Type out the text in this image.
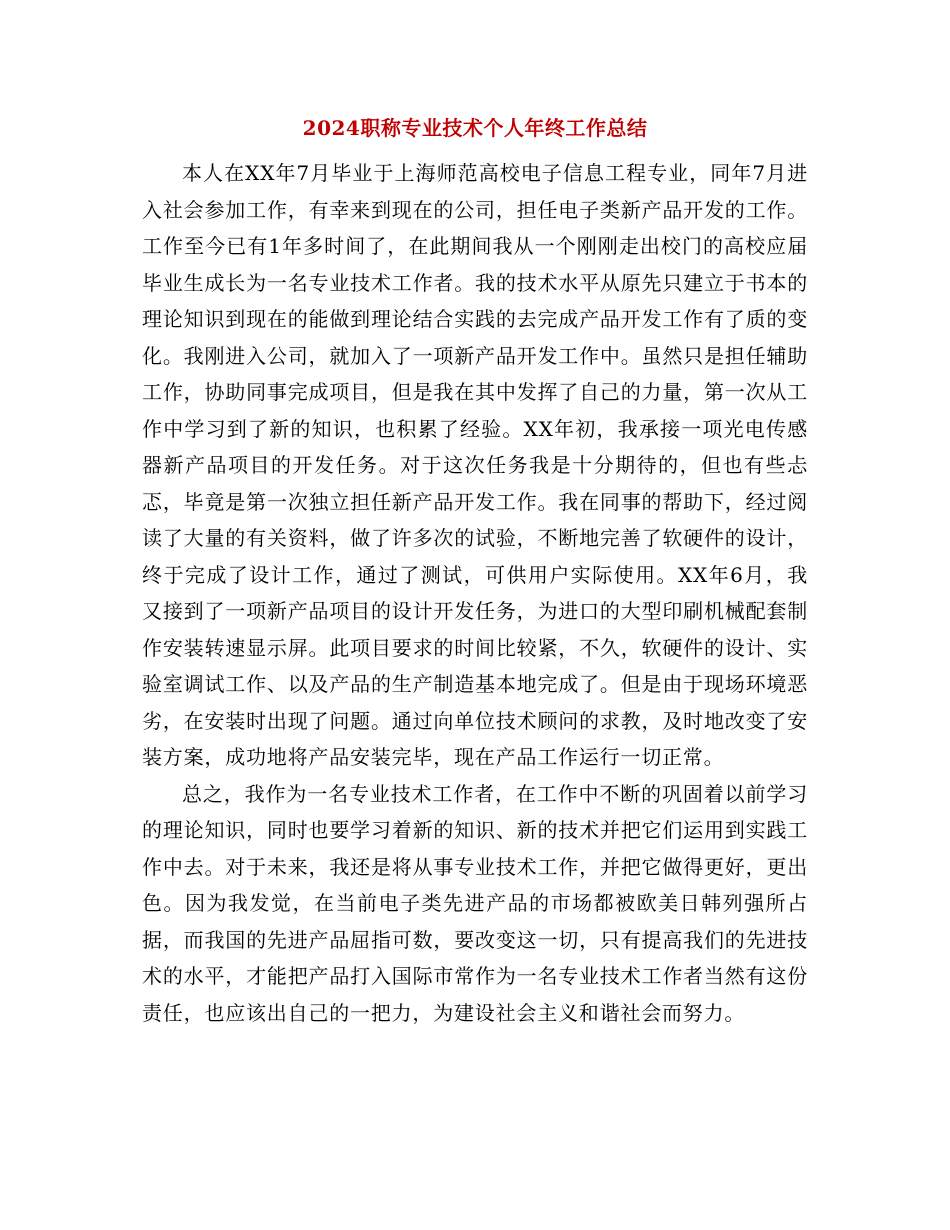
2024职称专业技术个人年终工作总结

本人在XX年7月毕业于上海师范高校电子信息工程专业，同年7月进入社会参加工作，有幸来到现在的公司，担任电子类新产品开发的工作。工作至今已有1年多时间了，在此期间我从一个刚刚走出校门的高校应届毕业生成长为一名专业技术工作者。我的技术水平从原先只建立于书本的理论知识到现在的能做到理论结合实践的去完成产品开发工作有了质的变化。我刚进入公司，就加入了一项新产品开发工作中。虽然只是担任辅助工作，协助同事完成项目，但是我在其中发挥了自己的力量，第一次从工作中学习到了新的知识，也积累了经验。XX年初，我承接一项光电传感器新产品项目的开发任务。对于这次任务我是十分期待的，但也有些忐忑，毕竟是第一次独立担任新产品开发工作。我在同事的帮助下，经过阅读了大量的有关资料，做了许多次的试验，不断地完善了软硬件的设计，终于完成了设计工作，通过了测试，可供用户实际使用。XX年6月，我又接到了一项新产品项目的设计开发任务，为进口的大型印刷机械配套制作安装转速显示屏。此项目要求的时间比较紧，不久，软硬件的设计、实验室调试工作、以及产品的生产制造基本地完成了。但是由于现场环境恶劣，在安装时出现了问题。通过向单位技术顾问的求教，及时地改变了安装方案，成功地将产品安装完毕，现在产品工作运行一切正常。

总之，我作为一名专业技术工作者，在工作中不断的巩固着以前学习的理论知识，同时也要学习着新的知识、新的技术并把它们运用到实践工作中去。对于未来，我还是将从事专业技术工作，并把它做得更好，更出色。因为我发觉，在当前电子类先进产品的市场都被欧美日韩列强所占据，而我国的先进产品屈指可数，要改变这一切，只有提高我们的先进技术的水平，才能把产品打入国际市常作为一名专业技术工作者当然有这份责任，也应该出自己的一把力，为建设社会主义和谐社会而努力。
